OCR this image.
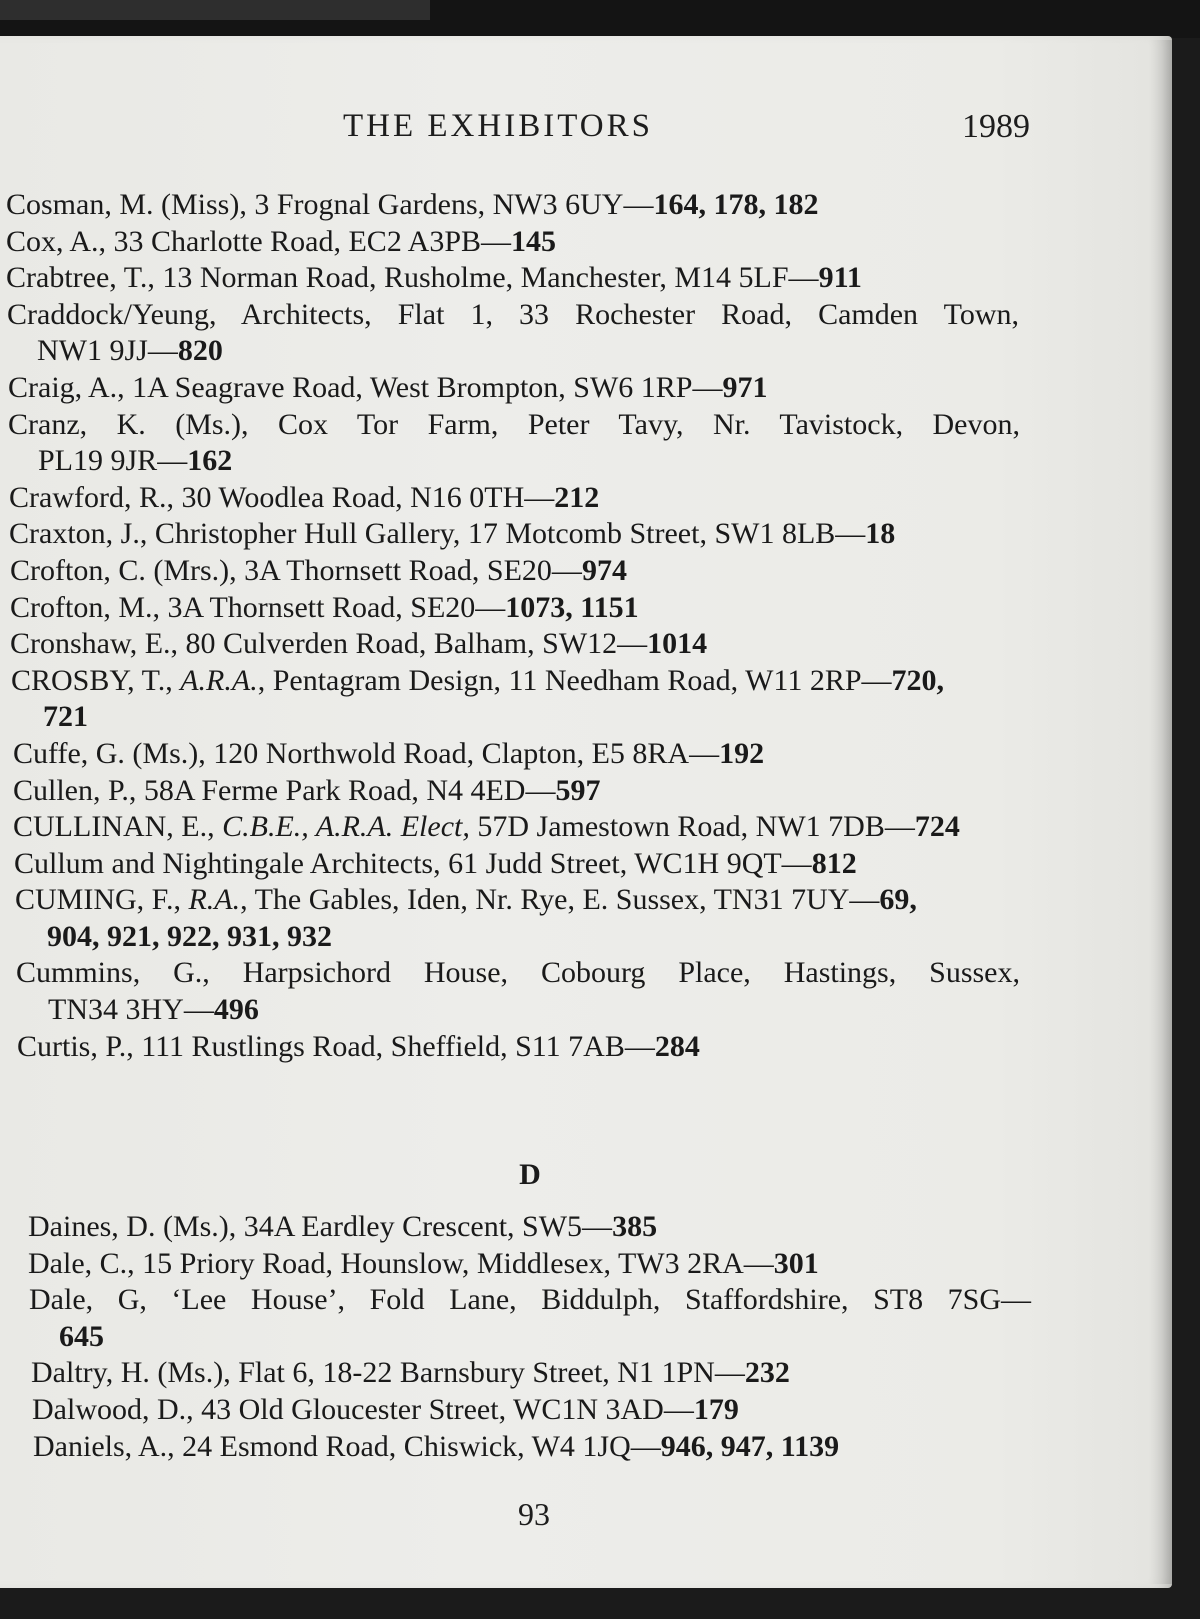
THE EXHIBITORS	1989
Cosman, M. (Miss), 3 Frognal Gardens, NW3 6UY—164, 178, 182
Cox, A., 33 Charlotte Road, EC2 A3PB—145
Crabtree, T., 13 Norman Road, Rusholme, Manchester, M14 5LF—911
Craddock/Yeung, Architects, Flat 1, 33 Rochester Road, Camden Town,
NW1 9JJ—820
Craig, A., 1A Seagrave Road, West Brompton, SW6 1RP—971
Cranz, K. (Ms.), Cox Tor Farm, Peter Tavy, Nr. Tavistock, Devon,
PL19 9JR—162
Crawford, R., 30 Woodlea Road, N16 0TH—212
Craxton, J., Christopher Hull Gallery, 17 Motcomb Street, SW1 8LB—18
Crofton, C. (Mrs.), 3A Thornsett Road, SE20—974
Crofton, M., 3A Thornsett Road, SE20—1073, 1151
Cronshaw, E., 80 Culverden Road, Balham, SW12—1014
CROSBY, T., A.R.A., Pentagram Design, 11 Needham Road, W11 2RP—720,
721
Cuffe, G. (Ms.), 120 Northwold Road, Clapton, E5 8RA—192
Cullen, P., 58A Ferme Park Road, N4 4ED—597
CULLINAN, E., C.B.E., A.R.A. Elect, 57D Jamestown Road, NW1 7DB—724
Cullum and Nightingale Architects, 61 Judd Street, WC1H 9QT—812
CUMING, F., R.A., The Gables, Iden, Nr. Rye, E. Sussex, TN31 7UY—69,
904, 921, 922, 931, 932
Cummins, G., Harpsichord House, Cobourg Place, Hastings, Sussex,
TN34 3HY—496
Curtis, P., 111 Rustlings Road, Sheffield, S11 7AB—284
D
Daines, D. (Ms.), 34A Eardley Crescent, SW5—385
Dale, C., 15 Priory Road, Hounslow, Middlesex, TW3 2RA—301
Dale, G, ‘Lee House’, Fold Lane, Biddulph, Staffordshire, ST8 7SG—
645
Daltry, H. (Ms.), Flat 6, 18-22 Barnsbury Street, N1 1PN—232
Dalwood, D., 43 Old Gloucester Street, WC1N 3AD—179
Daniels, A., 24 Esmond Road, Chiswick, W4 1JQ—946, 947, 1139
93
